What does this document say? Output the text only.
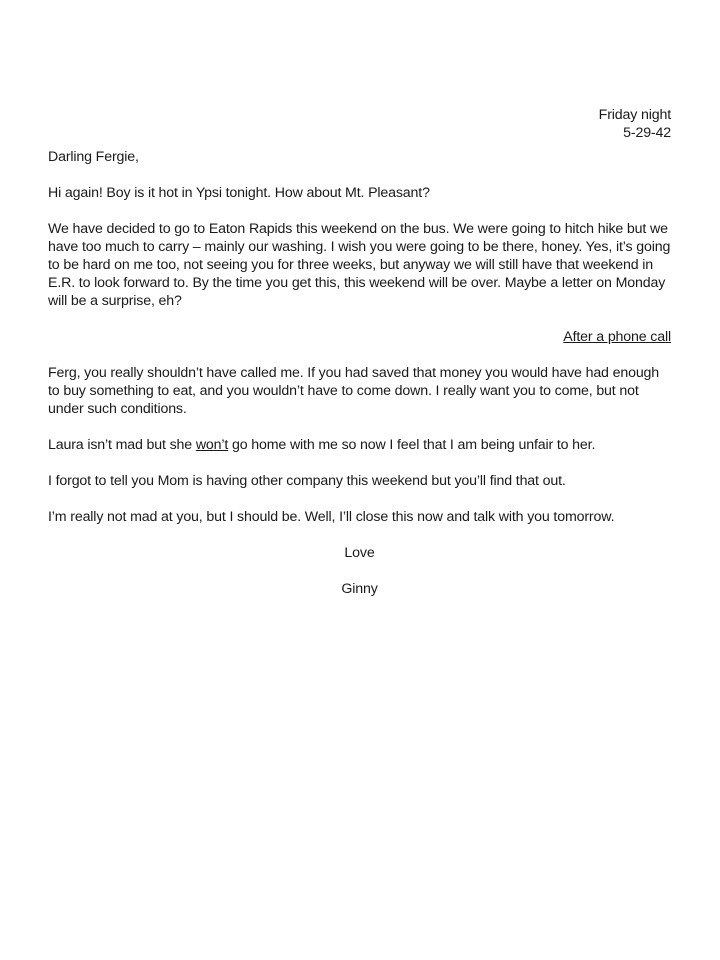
Friday night

5-29-42

Darling Fergie,

Hi again! Boy is it hot in Ypsi tonight. How about Mt. Pleasant?

We have decided to go to Eaton Rapids this weekend on the bus. We were going to hitch hike but we have too much to carry – mainly our washing. I wish you were going to be there, honey. Yes, it’s going to be hard on me too, not seeing you for three weeks, but anyway we will still have that weekend in E.R. to look forward to. By the time you get this, this weekend will be over. Maybe a letter on Monday will be a surprise, eh?

After a phone call

Ferg, you really shouldn’t have called me. If you had saved that money you would have had enough to buy something to eat, and you wouldn’t have to come down. I really want you to come, but not under such conditions.

Laura isn’t mad but she won’t go home with me so now I feel that I am being unfair to her.

I forgot to tell you Mom is having other company this weekend but you’ll find that out.

I’m really not mad at you, but I should be. Well, I’ll close this now and talk with you tomorrow.

Love

Ginny
